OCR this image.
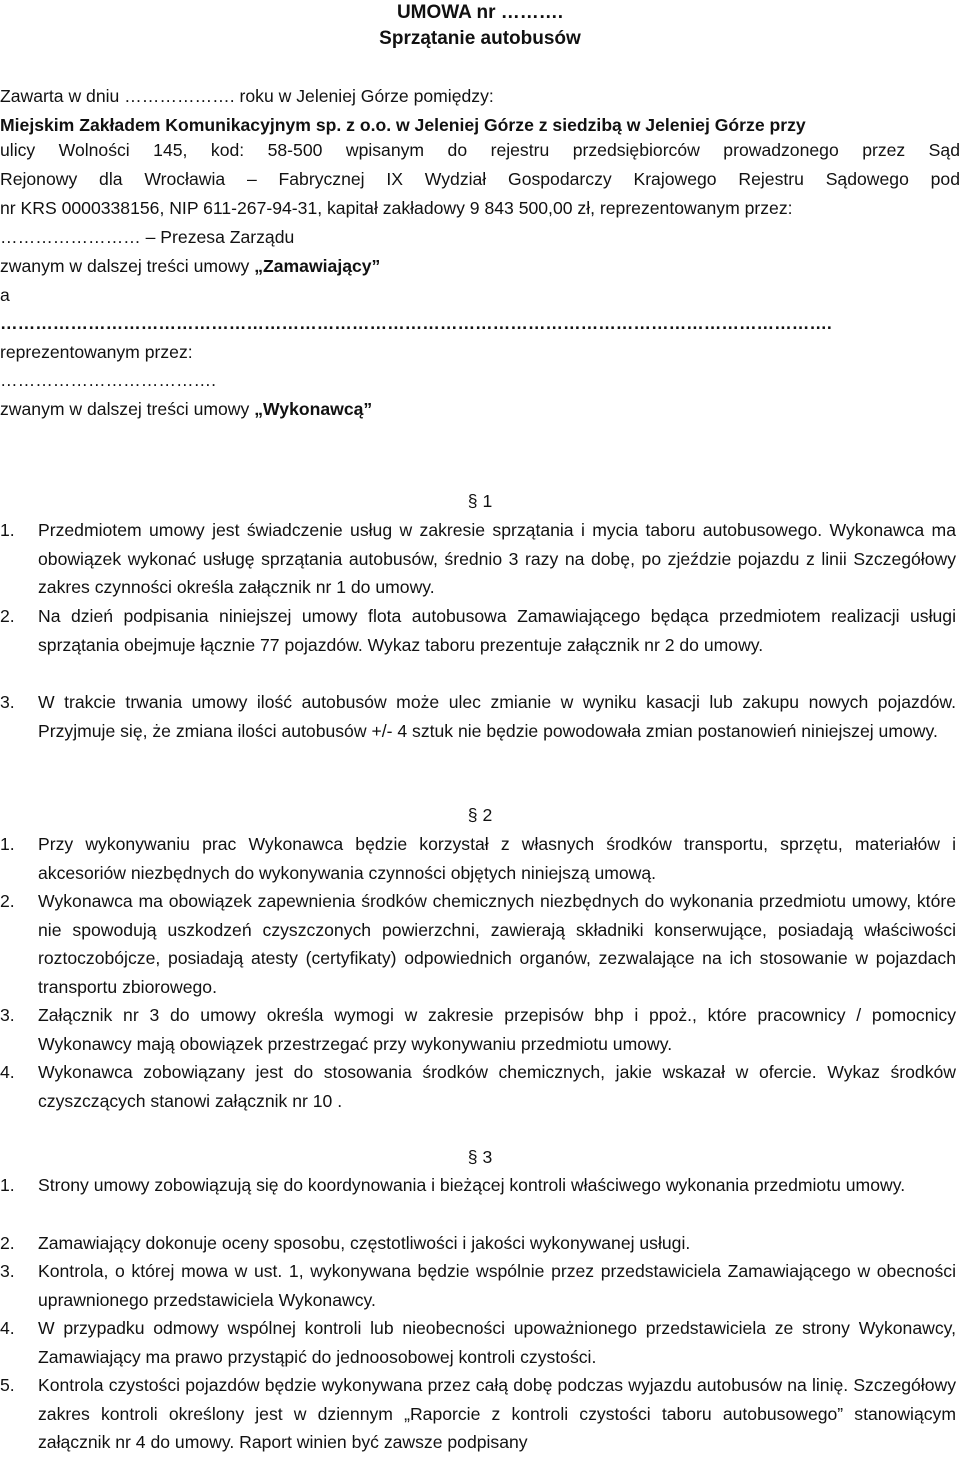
UMOWA nr ……….
Sprzątanie autobusów
Zawarta w dniu ………………. roku w Jeleniej Górze pomiędzy:
Miejskim Zakładem Komunikacyjnym sp. z o.o. w Jeleniej Górze z siedzibą w Jeleniej Górze przy
ulicy Wolności 145, kod: 58-500 wpisanym do rejestru przedsiębiorców prowadzonego przez Sąd
Rejonowy dla Wrocławia – Fabrycznej IX Wydział Gospodarczy Krajowego Rejestru Sądowego pod
nr KRS 0000338156, NIP 611-267-94-31, kapitał zakładowy 9 843 500,00 zł, reprezentowanym przez:
…………………… – Prezesa Zarządu
zwanym w dalszej treści umowy „Zamawiający”
a
…………………………………………………………………………………………………………………………….
reprezentowanym przez:
……………………………….
zwanym w dalszej treści umowy „Wykonawcą”
§ 1
1. Przedmiotem umowy jest świadczenie usług w zakresie sprzątania i mycia taboru autobusowego. Wykonawca ma obowiązek wykonać usługę sprzątania autobusów, średnio 3 razy na dobę, po zjeździe pojazdu z linii Szczegółowy zakres czynności określa załącznik nr 1 do umowy.
2. Na dzień podpisania niniejszej umowy flota autobusowa Zamawiającego będąca przedmiotem realizacji usługi sprzątania obejmuje łącznie 77 pojazdów. Wykaz taboru prezentuje załącznik nr 2 do umowy.
3. W trakcie trwania umowy ilość autobusów może ulec zmianie w wyniku kasacji lub zakupu nowych pojazdów. Przyjmuje się, że zmiana ilości autobusów +/- 4 sztuk nie będzie powodowała zmian postanowień niniejszej umowy.
§ 2
1. Przy wykonywaniu prac Wykonawca będzie korzystał z własnych środków transportu, sprzętu, materiałów i akcesoriów niezbędnych do wykonywania czynności objętych niniejszą umową.
2. Wykonawca ma obowiązek zapewnienia środków chemicznych niezbędnych do wykonania przedmiotu umowy, które nie spowodują uszkodzeń czyszczonych powierzchni, zawierają składniki konserwujące, posiadają właściwości roztoczobójcze, posiadają atesty (certyfikaty) odpowiednich organów, zezwalające na ich stosowanie w pojazdach transportu zbiorowego.
3. Załącznik nr 3 do umowy określa wymogi w zakresie przepisów bhp i ppoż., które pracownicy / pomocnicy Wykonawcy mają obowiązek przestrzegać przy wykonywaniu przedmiotu umowy.
4. Wykonawca zobowiązany jest do stosowania środków chemicznych, jakie wskazał w ofercie. Wykaz środków czyszczących stanowi załącznik nr 10 .
§ 3
1. Strony umowy zobowiązują się do koordynowania i bieżącej kontroli właściwego wykonania przedmiotu umowy.
2. Zamawiający dokonuje oceny sposobu, częstotliwości i jakości wykonywanej usługi.
3. Kontrola, o której mowa w ust. 1, wykonywana będzie wspólnie przez przedstawiciela Zamawiającego w obecności uprawnionego przedstawiciela Wykonawcy.
4. W przypadku odmowy wspólnej kontroli lub nieobecności upoważnionego przedstawiciela ze strony Wykonawcy, Zamawiający ma prawo przystąpić do jednoosobowej kontroli czystości.
5. Kontrola czystości pojazdów będzie wykonywana przez całą dobę podczas wyjazdu autobusów na linię. Szczegółowy zakres kontroli określony jest w dziennym „Raporcie z kontroli czystości taboru autobusowego” stanowiącym załącznik nr 4 do umowy. Raport winien być zawsze podpisany
